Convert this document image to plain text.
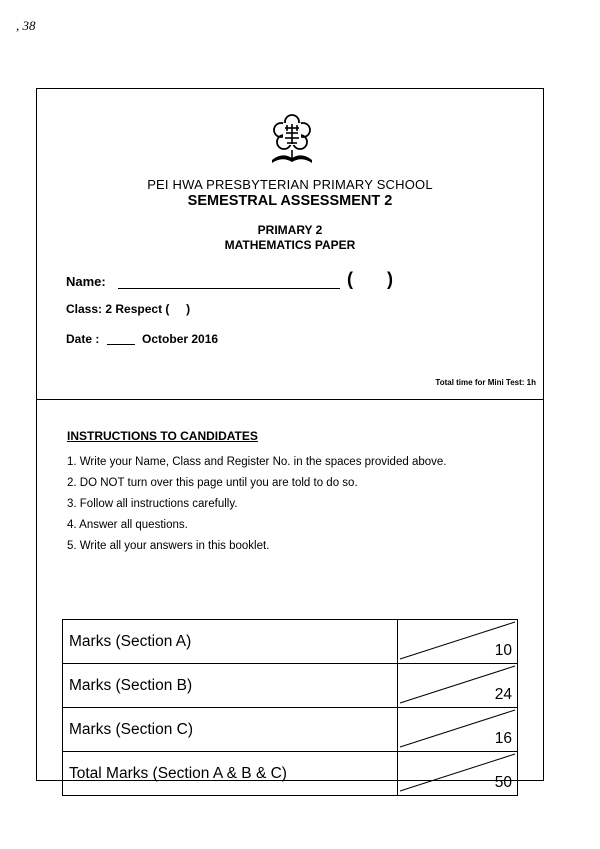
, 38
PEI HWA PRESBYTERIAN PRIMARY SCHOOL
SEMESTRAL ASSESSMENT 2
PRIMARY 2
MATHEMATICS PAPER
Name:	( )
Class: 2 Respect (     )
Date :	October 2016
Total time for Mini Test: 1h
INSTRUCTIONS TO CANDIDATES
1. Write your Name, Class and Register No. in the spaces provided above.
2. DO NOT turn over this page until you are told to do so.
3. Follow all instructions carefully.
4. Answer all questions.
5. Write all your answers in this booklet.
Marks (Section A)	10
Marks (Section B)	24
Marks (Section C)	16
Total Marks (Section A & B & C)	50
